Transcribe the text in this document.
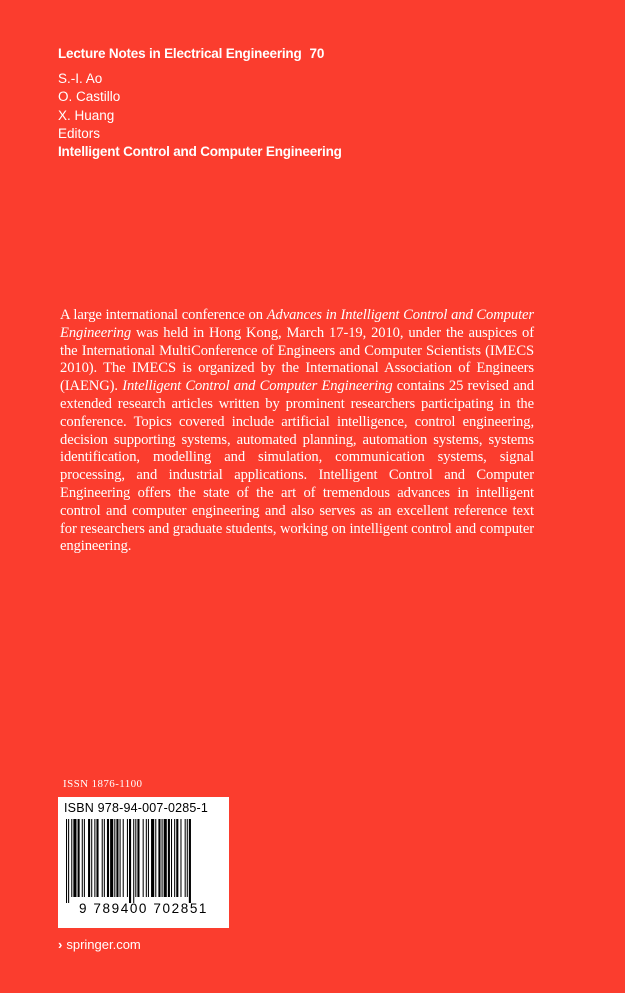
Lecture Notes in Electrical Engineering 70
S.-I. Ao
O. Castillo
X. Huang
Editors
Intelligent Control and Computer Engineering
A large international conference on Advances in Intelligent Control and Computer Engineering was held in Hong Kong, March 17-19, 2010, under the auspices of the International MultiConference of Engineers and Computer Scientists (IMECS 2010). The IMECS is organized by the International Association of Engineers (IAENG). Intelligent Control and Computer Engineering contains 25 revised and extended research articles written by prominent researchers participating in the conference. Topics covered include artificial intelligence, control engineering, decision supporting systems, automated planning, automation systems, systems identification, modelling and simulation, communication systems, signal processing, and industrial applications. Intelligent Control and Computer Engineering offers the state of the art of tremendous advances in intelligent control and computer engineering and also serves as an excellent reference text for researchers and graduate students, working on intelligent control and computer engineering.
ISSN 1876-1100
ISBN 978-94-007-0285-1
9 789400 702851
› springer.com
